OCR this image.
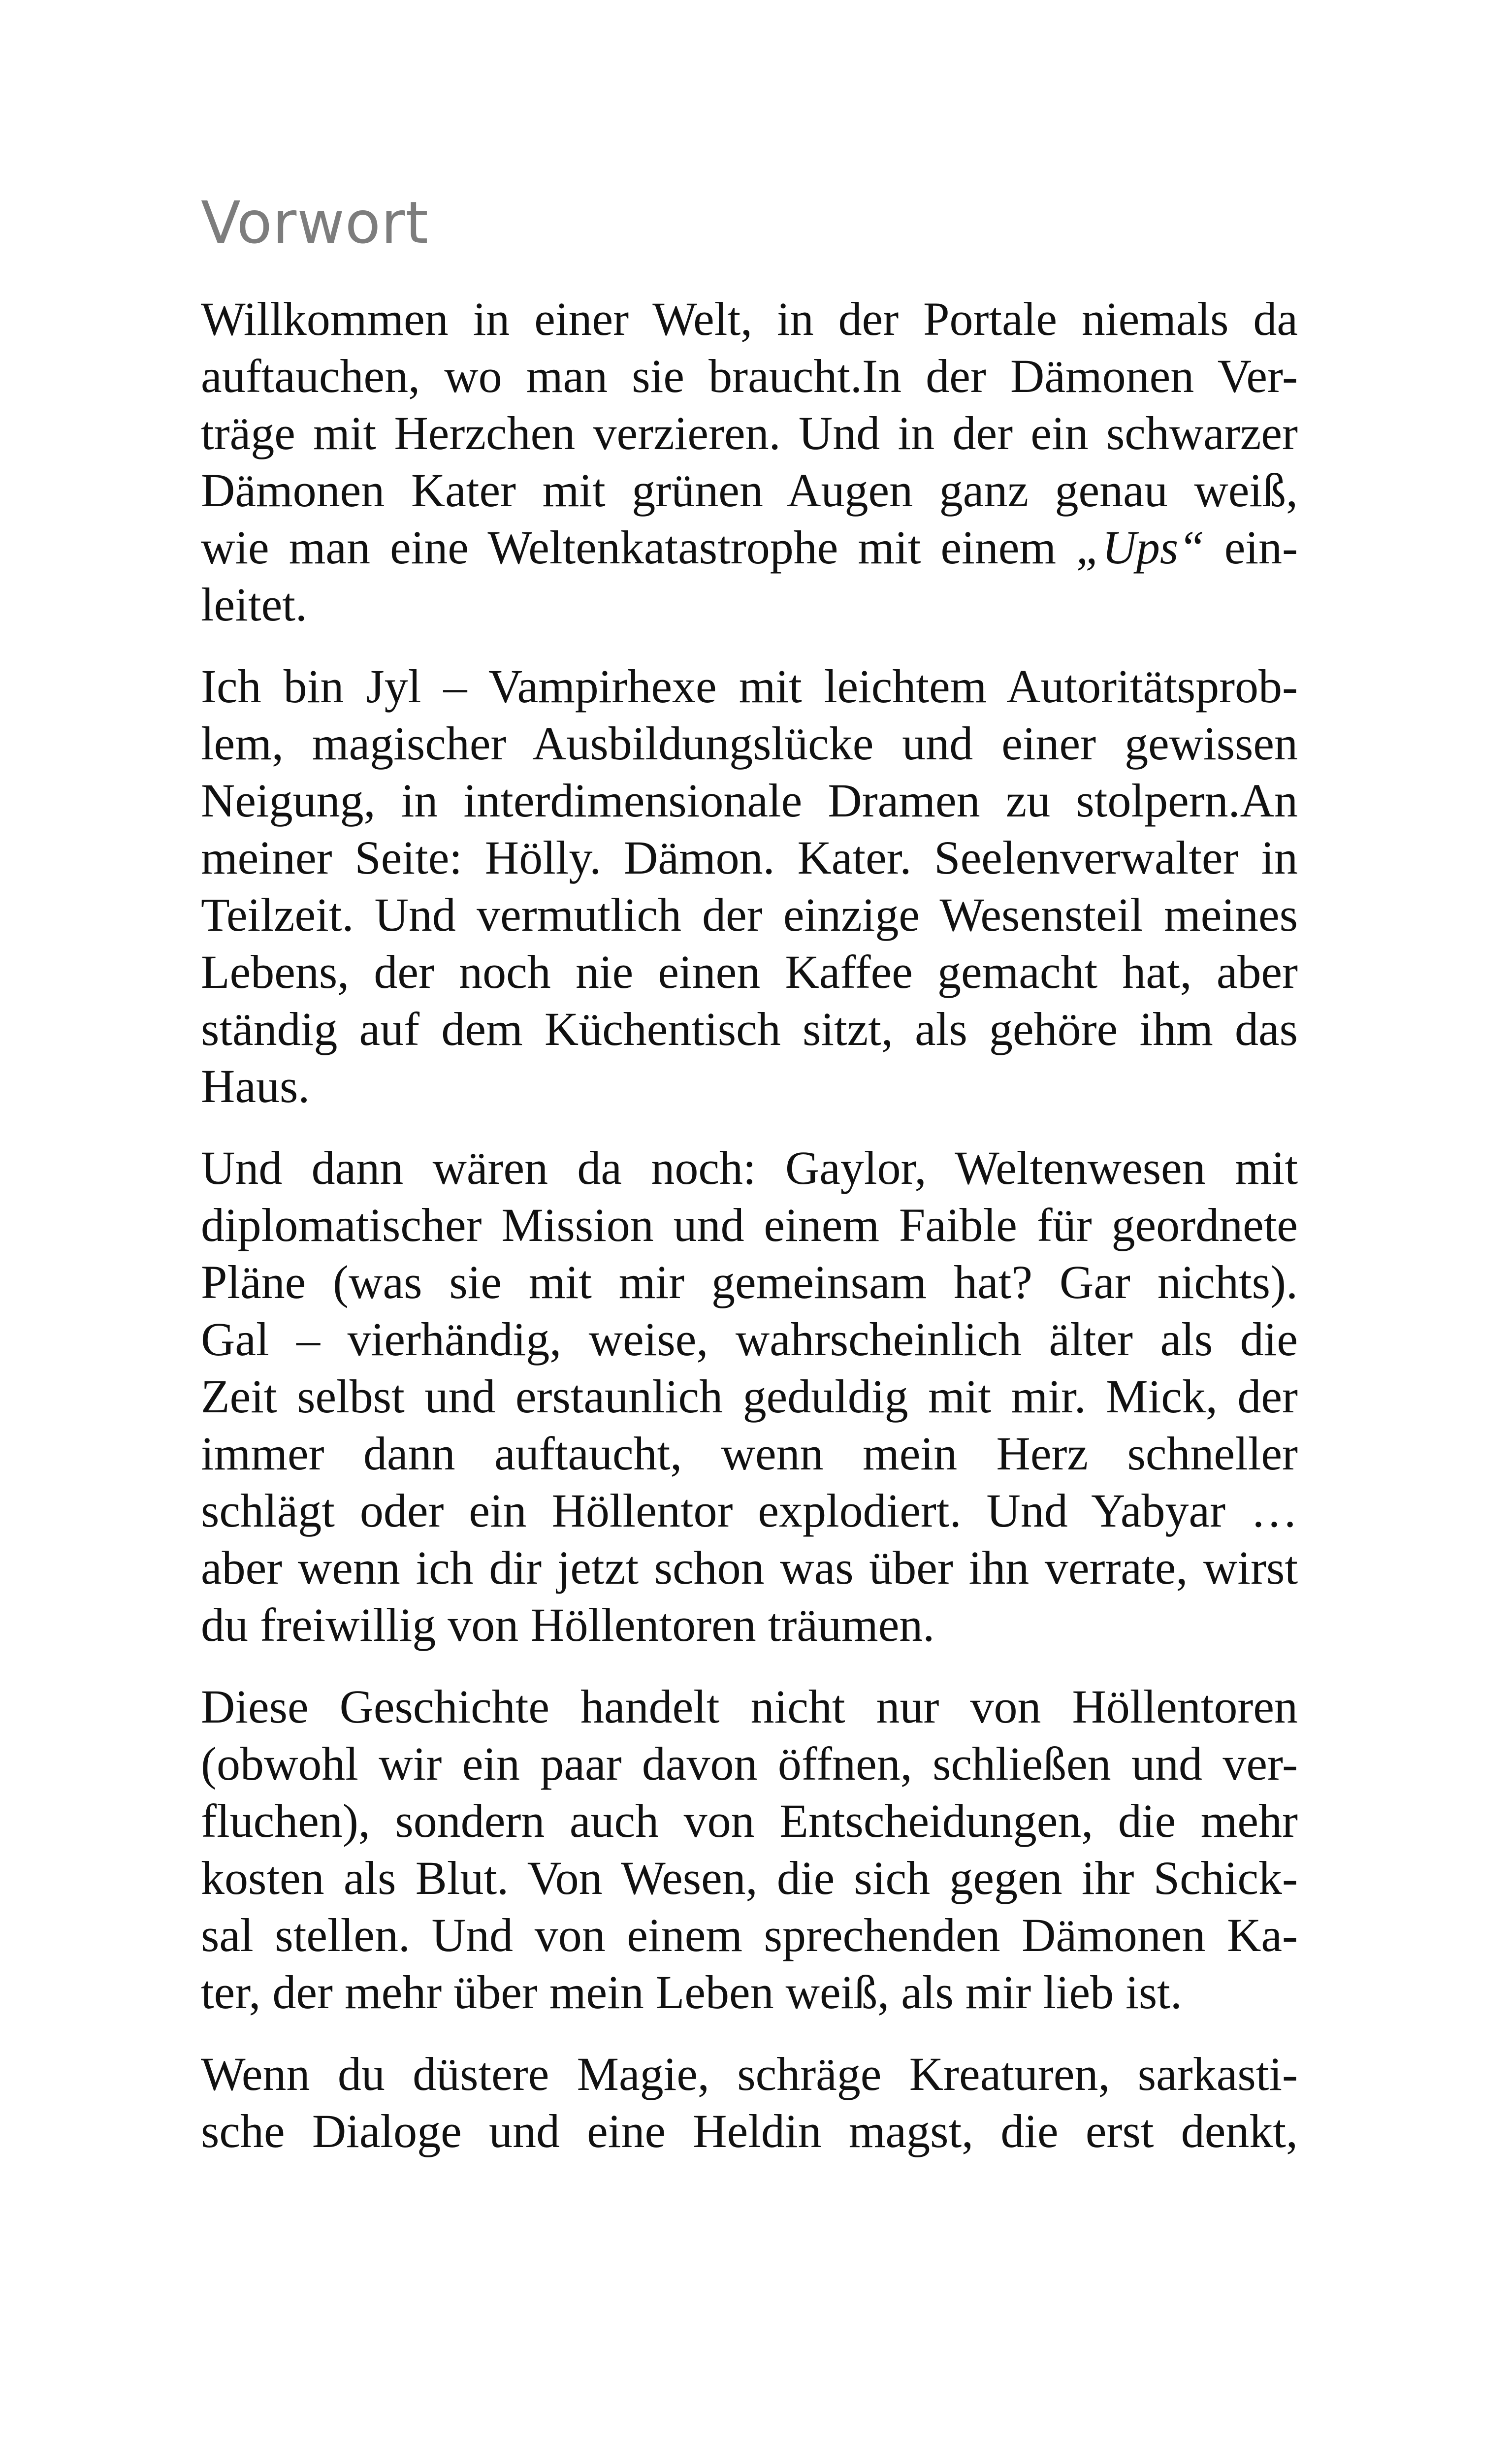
Vorwort

Willkommen in einer Welt, in der Portale niemals da
auftauchen, wo man sie braucht.In der Dämonen Ver-
träge mit Herzchen verzieren. Und in der ein schwarzer
Dämonen Kater mit grünen Augen ganz genau weiß,
wie man eine Weltenkatastrophe mit einem „Ups“ ein-
leitet.

Ich bin Jyl – Vampirhexe mit leichtem Autoritätsprob-
lem, magischer Ausbildungslücke und einer gewissen
Neigung, in interdimensionale Dramen zu stolpern.An
meiner Seite: Hölly. Dämon. Kater. Seelenverwalter in
Teilzeit. Und vermutlich der einzige Wesensteil meines
Lebens, der noch nie einen Kaffee gemacht hat, aber
ständig auf dem Küchentisch sitzt, als gehöre ihm das
Haus.

Und dann wären da noch: Gaylor, Weltenwesen mit
diplomatischer Mission und einem Faible für geordnete
Pläne (was sie mit mir gemeinsam hat? Gar nichts).
Gal – vierhändig, weise, wahrscheinlich älter als die
Zeit selbst und erstaunlich geduldig mit mir. Mick, der
immer dann auftaucht, wenn mein Herz schneller
schlägt oder ein Höllentor explodiert. Und Yabyar …
aber wenn ich dir jetzt schon was über ihn verrate, wirst
du freiwillig von Höllentoren träumen.

Diese Geschichte handelt nicht nur von Höllentoren
(obwohl wir ein paar davon öffnen, schließen und ver-
fluchen), sondern auch von Entscheidungen, die mehr
kosten als Blut. Von Wesen, die sich gegen ihr Schick-
sal stellen. Und von einem sprechenden Dämonen Ka-
ter, der mehr über mein Leben weiß, als mir lieb ist.

Wenn du düstere Magie, schräge Kreaturen, sarkasti-
sche Dialoge und eine Heldin magst, die erst denkt,
